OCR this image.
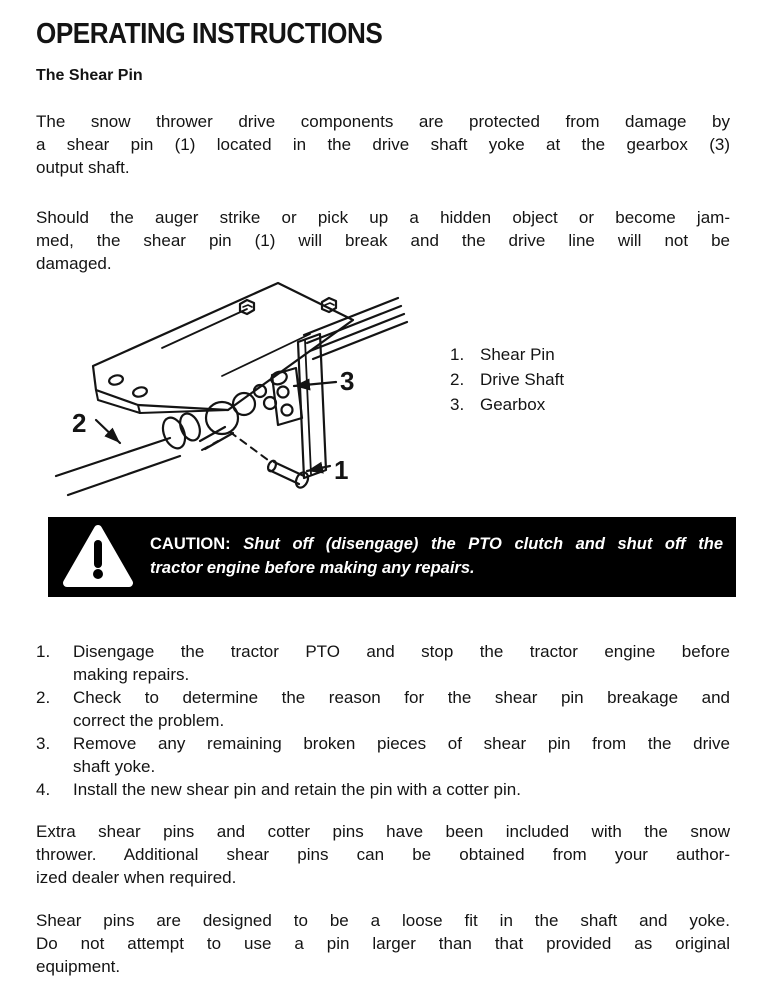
OPERATING INSTRUCTIONS
The Shear Pin
The snow thrower drive components are protected from damage by
a shear pin (1) located in the drive shaft yoke at the gearbox (3)
output shaft.
Should the auger strike or pick up a hidden object or become jam-
med, the shear pin (1) will break and the drive line will not be
damaged.
2
3
1
1. Shear Pin
2. Drive Shaft
3. Gearbox
CAUTION: Shut off (disengage) the PTO clutch and shut off the
tractor engine before making any repairs.
1.	Disengage the tractor PTO and stop the tractor engine before
making repairs.
2.	Check to determine the reason for the shear pin breakage and
correct the problem.
3.	Remove any remaining broken pieces of shear pin from the drive
shaft yoke.
4.	Install the new shear pin and retain the pin with a cotter pin.
Extra shear pins and cotter pins have been included with the snow
thrower. Additional shear pins can be obtained from your author-
ized dealer when required.
Shear pins are designed to be a loose fit in the shaft and yoke.
Do not attempt to use a pin larger than that provided as original
equipment.
